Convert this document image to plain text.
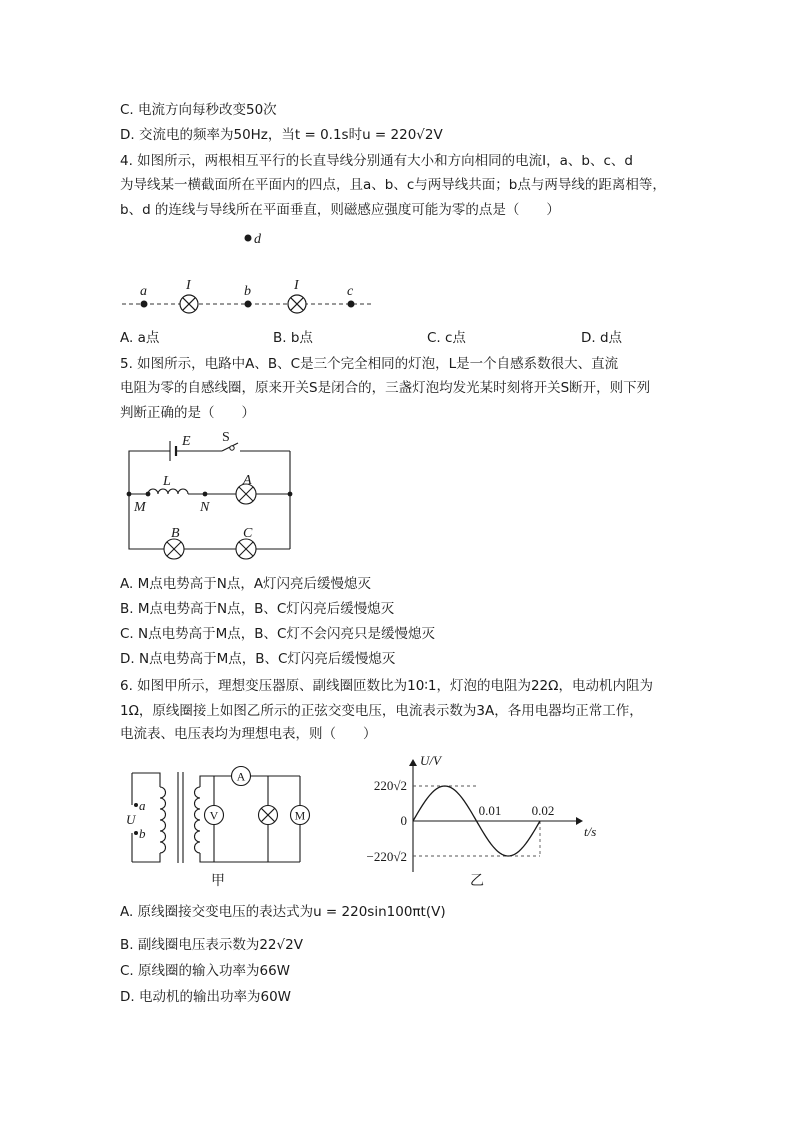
C. 电流方向每秒改变50次
D. 交流电的频率为50Hz，当t = 0.1s时u = 220√2V
4. 如图所示，两根相互平行的长直导线分别通有大小和方向相同的电流I，a、b、c、d
为导线某一横截面所在平面内的四点，且a、b、c与两导线共面；b点与两导线的距离相等，
b、d 的连线与导线所在平面垂直，则磁感应强度可能为零的点是（　　）
d
a	I	b	I	c
A. a点	B. b点	C. c点	D. d点
5. 如图所示，电路中A、B、C是三个完全相同的灯泡，L是一个自感系数很大、直流
电阻为零的自感线圈，原来开关S是闭合的，三盏灯泡均发光某时刻将开关S断开，则下列
判断正确的是（　　）
E S
L	A
M	N
B	C
A. M点电势高于N点，A灯闪亮后缓慢熄灭
B. M点电势高于N点，B、C灯闪亮后缓慢熄灭
C. N点电势高于M点，B、C灯不会闪亮只是缓慢熄灭
D. N点电势高于M点，B、C灯闪亮后缓慢熄灭
6. 如图甲所示，理想变压器原、副线圈匝数比为10∶1，灯泡的电阻为22Ω，电动机内阻为
1Ω，原线圈接上如图乙所示的正弦交变电压，电流表示数为3A，各用电器均正常工作，
电流表、电压表均为理想电表，则（　　）
a
U
b
A
V	M
甲
U/V
t/s
220√2
0
−220√2
0.01 0.02
乙
A. 原线圈接交变电压的表达式为u = 220sin100πt(V)
B. 副线圈电压表示数为22√2V
C. 原线圈的输入功率为66W
D. 电动机的输出功率为60W
